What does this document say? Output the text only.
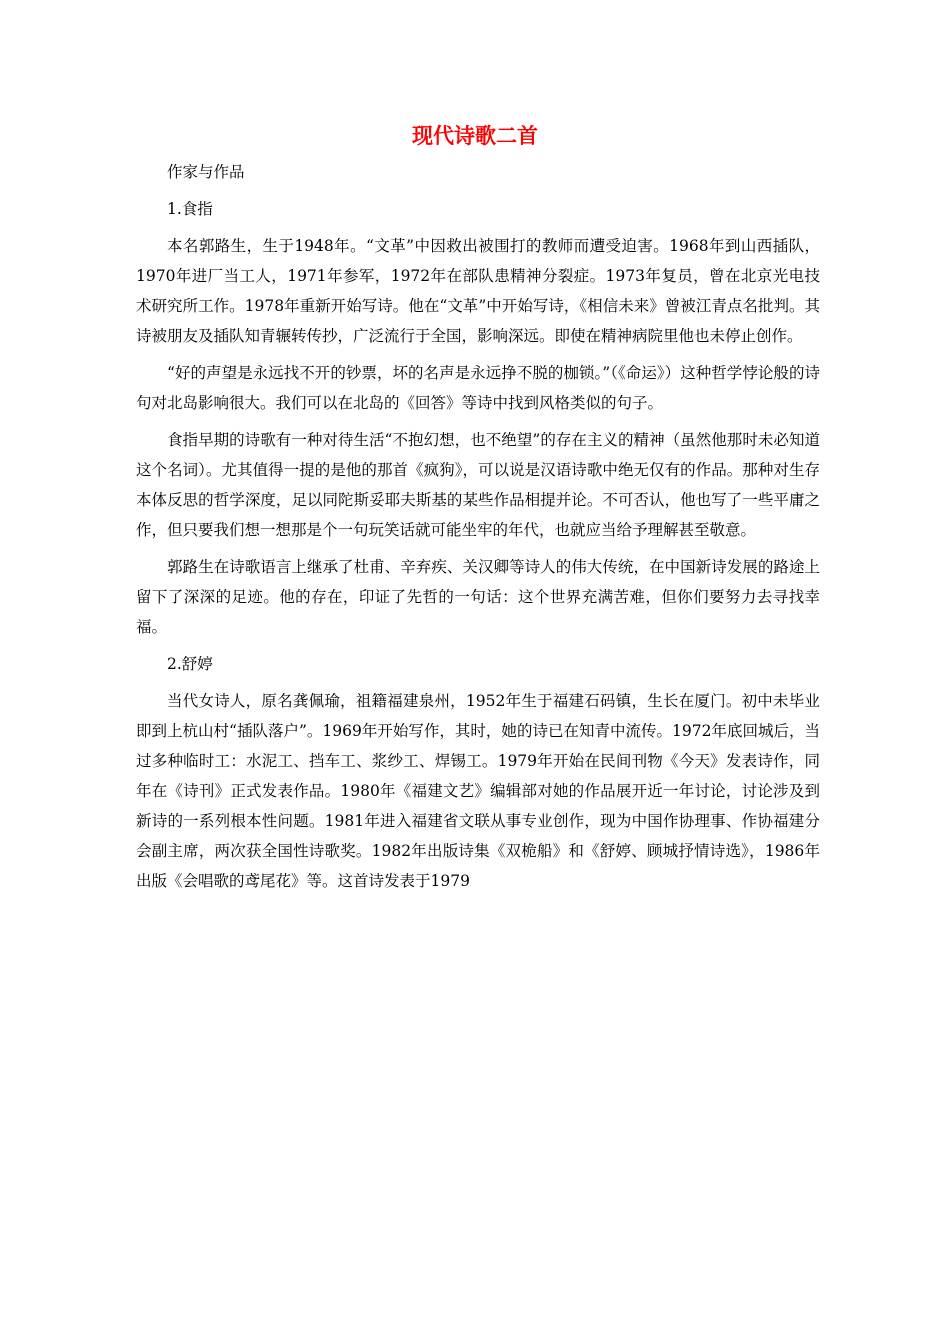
现代诗歌二首

作家与作品

1.食指

本名郭路生，生于1948年。“文革”中因救出被围打的教师而遭受迫害。1968年到山西插队，1970年进厂当工人，1971年参军，1972年在部队患精神分裂症。1973年复员，曾在北京光电技术研究所工作。1978年重新开始写诗。他在“文革”中开始写诗，《相信未来》曾被江青点名批判。其诗被朋友及插队知青辗转传抄，广泛流行于全国，影响深远。即使在精神病院里他也未停止创作。

“好的声望是永远找不开的钞票，坏的名声是永远挣不脱的枷锁。”（《命运》）这种哲学悖论般的诗句对北岛影响很大。我们可以在北岛的《回答》等诗中找到风格类似的句子。

食指早期的诗歌有一种对待生活“不抱幻想，也不绝望”的存在主义的精神（虽然他那时未必知道这个名词）。尤其值得一提的是他的那首《疯狗》，可以说是汉语诗歌中绝无仅有的作品。那种对生存本体反思的哲学深度，足以同陀斯妥耶夫斯基的某些作品相提并论。不可否认，他也写了一些平庸之作，但只要我们想一想那是个一句玩笑话就可能坐牢的年代，也就应当给予理解甚至敬意。

郭路生在诗歌语言上继承了杜甫、辛弃疾、关汉卿等诗人的伟大传统，在中国新诗发展的路途上留下了深深的足迹。他的存在，印证了先哲的一句话：这个世界充满苦难，但你们要努力去寻找幸福。

2.舒婷

当代女诗人，原名龚佩瑜，祖籍福建泉州，1952年生于福建石码镇，生长在厦门。初中未毕业即到上杭山村“插队落户”。1969年开始写作，其时，她的诗已在知青中流传。1972年底回城后，当过多种临时工：水泥工、挡车工、浆纱工、焊锡工。1979年开始在民间刊物《今天》发表诗作，同年在《诗刊》正式发表作品。1980年《福建文艺》编辑部对她的作品展开近一年讨论，讨论涉及到新诗的一系列根本性问题。1981年进入福建省文联从事专业创作，现为中国作协理事、作协福建分会副主席，两次获全国性诗歌奖。1982年出版诗集《双桅船》和《舒婷、顾城抒情诗选》，1986年出版《会唱歌的鸢尾花》等。这首诗发表于1979
